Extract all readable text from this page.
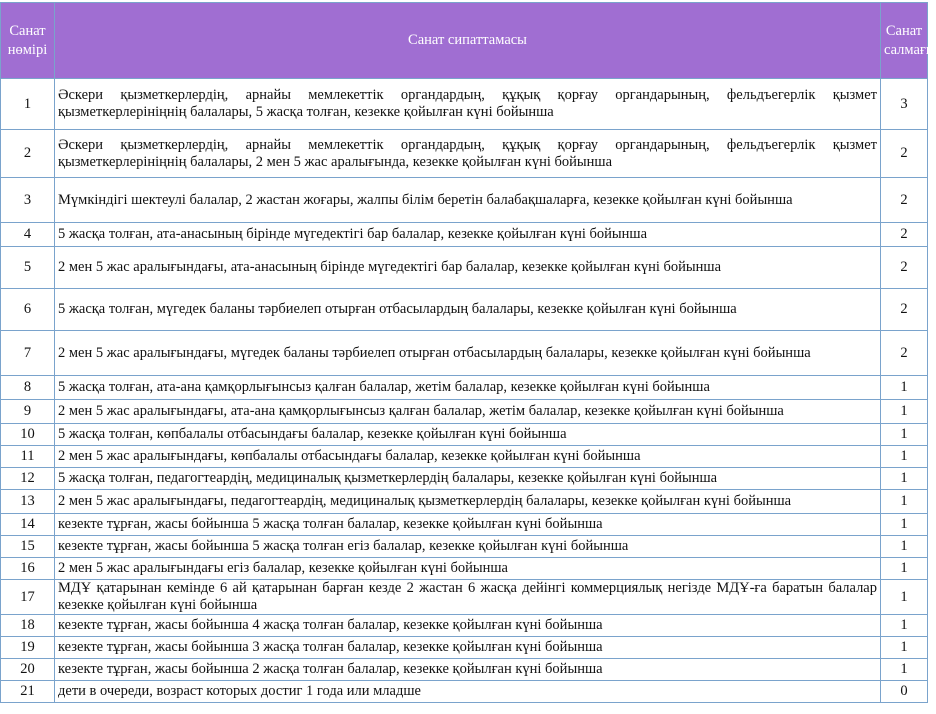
Санат нөмірі	Санат сипаттамасы	Санат салмағы
1	Әскери қызметкерлердің, арнайы мемлекеттік органдардың, құқық қорғау органдарының, фельдъегерлік қызмет қызметкерлерініңнің балалары, 5 жасқа толған, кезекке қойылған күні бойынша	3
2	Әскери қызметкерлердің, арнайы мемлекеттік органдардың, құқық қорғау органдарының, фельдъегерлік қызмет қызметкерлерініңнің балалары, 2 мен 5 жас аралығында, кезекке қойылған күні бойынша	2
3	Мүмкіндігі шектеулі балалар, 2 жастан жоғары, жалпы білім беретін балабақшаларға, кезекке қойылған күні бойынша	2
4	5 жасқа толған, ата-анасының бірінде мүгедектігі бар балалар, кезекке қойылған күні бойынша	2
5	2 мен 5 жас аралығындағы, ата-анасының бірінде мүгедектігі бар балалар, кезекке қойылған күні бойынша	2
6	5 жасқа толған, мүгедек баланы тәрбиелеп отырған отбасылардың балалары, кезекке қойылған күні бойынша	2
7	2 мен 5 жас аралығындағы, мүгедек баланы тәрбиелеп отырған отбасылардың балалары, кезекке қойылған күні бойынша	2
8	5 жасқа толған, ата-ана қамқорлығынсыз қалған балалар, жетім балалар, кезекке қойылған күні бойынша	1
9	2 мен 5 жас аралығындағы, ата-ана қамқорлығынсыз қалған балалар, жетім балалар, кезекке қойылған күні бойынша	1
10	5 жасқа толған, көпбалалы отбасындағы балалар, кезекке қойылған күні бойынша	1
11	2 мен 5 жас аралығындағы, көпбалалы отбасындағы балалар, кезекке қойылған күні бойынша	1
12	5 жасқа толған, педагогтеардің, медициналық қызметкерлердің балалары, кезекке қойылған күні бойынша	1
13	2 мен 5 жас аралығындағы, педагогтеардің, медициналық қызметкерлердің балалары, кезекке қойылған күні бойынша	1
14	кезекте тұрған, жасы бойынша 5 жасқа толған балалар, кезекке қойылған күні бойынша	1
15	кезекте тұрған, жасы бойынша 5 жасқа толған егіз балалар, кезекке қойылған күні бойынша	1
16	2 мен 5 жас аралығындағы егіз балалар, кезекке қойылған күні бойынша	1
17	МДҰ қатарынан кемінде 6 ай қатарынан барған кезде 2 жастан 6 жасқа дейінгі коммерциялық негізде МДҰ-ға баратын балалар кезекке қойылған күні бойынша	1
18	кезекте тұрған, жасы бойынша 4 жасқа толған балалар, кезекке қойылған күні бойынша	1
19	кезекте тұрған, жасы бойынша 3 жасқа толған балалар, кезекке қойылған күні бойынша	1
20	кезекте тұрған, жасы бойынша 2 жасқа толған балалар, кезекке қойылған күні бойынша	1
21	дети в очереди, возраст которых достиг 1 года или младше	0
